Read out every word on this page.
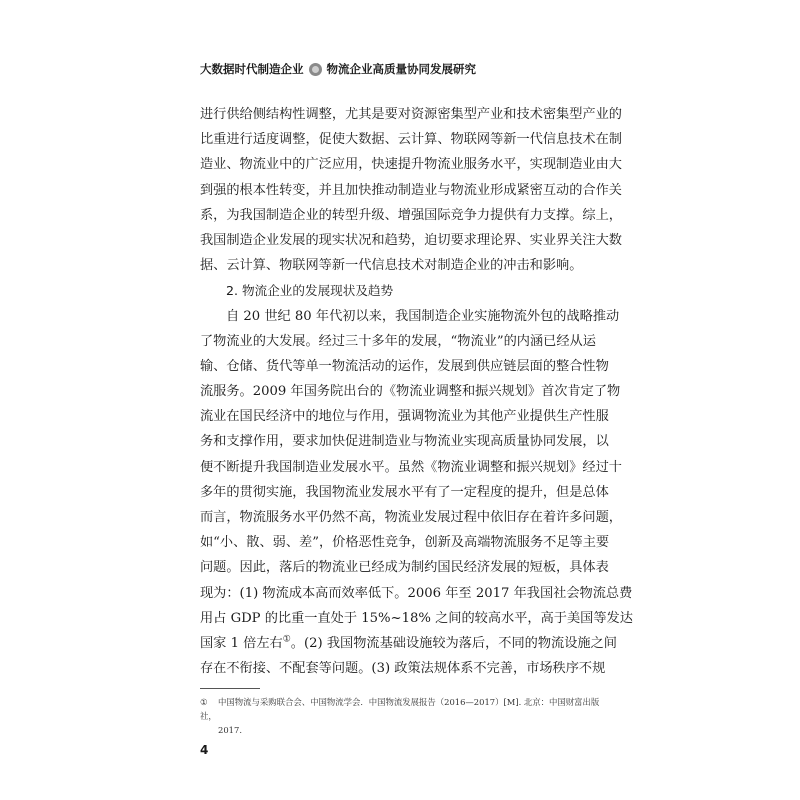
大数据时代制造企业 物流企业高质量协同发展研究
进行供给侧结构性调整，尤其是要对资源密集型产业和技术密集型产业的
比重进行适度调整，促使大数据、云计算、物联网等新一代信息技术在制
造业、物流业中的广泛应用，快速提升物流业服务水平，实现制造业由大
到强的根本性转变，并且加快推动制造业与物流业形成紧密互动的合作关
系，为我国制造企业的转型升级、增强国际竞争力提供有力支撑。综上，
我国制造企业发展的现实状况和趋势，迫切要求理论界、实业界关注大数
据、云计算、物联网等新一代信息技术对制造企业的冲击和影响。
2. 物流企业的发展现状及趋势
自 20 世纪 80 年代初以来，我国制造企业实施物流外包的战略推动
了物流业的大发展。经过三十多年的发展，“物流业”的内涵已经从运
输、仓储、货代等单一物流活动的运作，发展到供应链层面的整合性物
流服务。2009 年国务院出台的《物流业调整和振兴规划》首次肯定了物
流业在国民经济中的地位与作用，强调物流业为其他产业提供生产性服
务和支撑作用，要求加快促进制造业与物流业实现高质量协同发展，以
便不断提升我国制造业发展水平。虽然《物流业调整和振兴规划》经过十
多年的贯彻实施，我国物流业发展水平有了一定程度的提升，但是总体
而言，物流服务水平仍然不高，物流业发展过程中依旧存在着许多问题，
如“小、散、弱、差”，价格恶性竞争，创新及高端物流服务不足等主要
问题。因此，落后的物流业已经成为制约国民经济发展的短板，具体表
现为：(1) 物流成本高而效率低下。2006 年至 2017 年我国社会物流总费
用占 GDP 的比重一直处于 15%~18% 之间的较高水平，高于美国等发达
国家 1 倍左右①。(2) 我国物流基础设施较为落后，不同的物流设施之间
存在不衔接、不配套等问题。(3) 政策法规体系不完善，市场秩序不规
① 中国物流与采购联合会、中国物流学会．中国物流发展报告（2016—2017）[M]. 北京：中国财富出版社，
2017.
4
